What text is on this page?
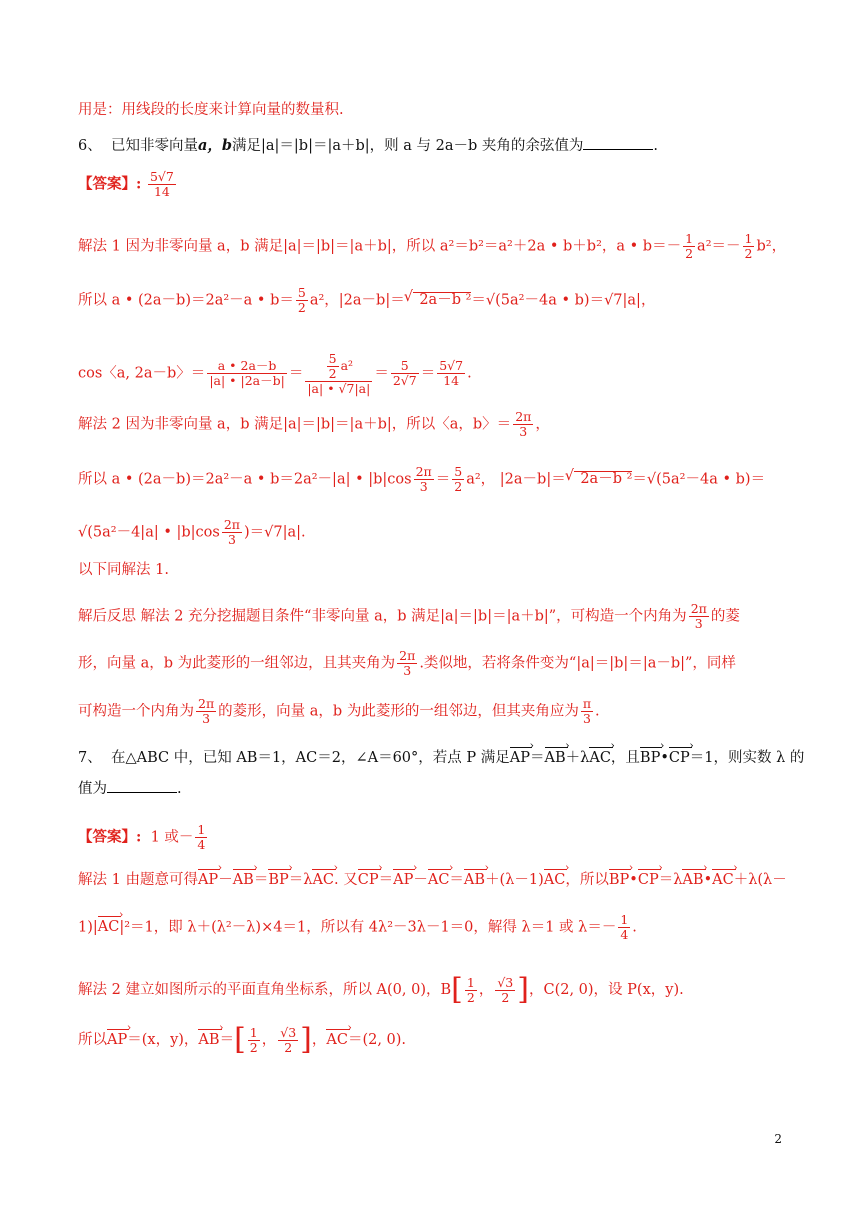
用是：用线段的长度来计算向量的数量积.
6、 已知非零向量a，b满足|a|＝|b|＝|a＋b|，则 a 与 2a－b 夹角的余弦值为	.
【答案】: $\frac{5√7}{14}$
解法 1 因为非零向量 a，b 满足|a|＝|b|＝|a＋b|，所以 a²＝b²＝a²＋2a • b＋b²，a • $b=- \frac{1}{2} a^2=- \frac{1}{2} b^2$，
所以 a • (2a－b)＝2a²－a • $b= \frac{5}{2} a^2$，|2a－b|＝√  2a－b ²＝√(5a²－4a • b)＝√7|a|，
cos〈a, 2a－b〉＝ $\frac{a • 2a-b}{|a| • |2a-b|} = \frac{\frac{5}{2} a^2}{|a| • √7|a|} = \frac{5}{2√7} = \frac{5√7}{14}$ .
解法 2 因为非零向量 a，b 满足|a|＝|b|＝|a＋b|，所以〈a，b〉＝ $\frac{2\pi}{3}$ ，
所以 a • (2a－b)＝2a²－a • b＝2a²－|a| • $|b|\cos \frac{2\pi}{3} = \frac{5}{2} a^2$， |2a－b|＝√  2a－b ²＝√(5a²－4a • b)＝
√(5a²－4|a| • $|b|\cos \frac{2\pi}{3} )=√7|a|$.
以下同解法 1.
解后反思 解法 2 充分挖掘题目条件“非零向量 a，b 满足|a|＝|b|＝|a＋b|”，可构造一个内角为 $\frac{2\pi}{3}$ 的菱
形，向量 a，b 为此菱形的一组邻边，且其夹角为 $\frac{2\pi}{3}$ .类似地，若将条件变为“|a|＝|b|＝|a－b|”，同样
可构造一个内角为 $\frac{2\pi}{3}$ 的菱形，向量 a，b 为此菱形的一组邻边，但其夹角应为 $\frac{\pi}{3}$ .
7、 在△ABC 中，已知 AB＝1，AC＝2，∠A＝60°，若点 P 满足› AP＝› AB＋λ› AC，且› BP•› CP＝1，则实数 λ 的
值为	.
【答案】: 1 或－ $\frac{1}{4}$
解法 1 由题意可得› AP－› AB＝› BP＝λ› AC. 又› CP＝› AP－› AC＝› AB＋(λ－1)› AC，所以› BP•› CP＝λ› AB•› AC＋λ(λ－
1)|› AC|²＝1，即 λ＋(λ²－λ)×4＝1，所以有 4λ²－3λ－1＝0，解得 λ＝1 或 $\lambda=- \frac{1}{4}$ .
解法 2 建立如图所示的平面直角坐标系，所以 A(0, 0)，$B[ \frac{1}{2}$ ， $\frac{√3}{2}$ ]，C(2, 0)，设 P(x，y).
所以› AP＝(x，y)，› $AB=[ \frac{1}{2}$ ， $\frac{√3}{2}$ ]，› AC＝(2, 0).
2
